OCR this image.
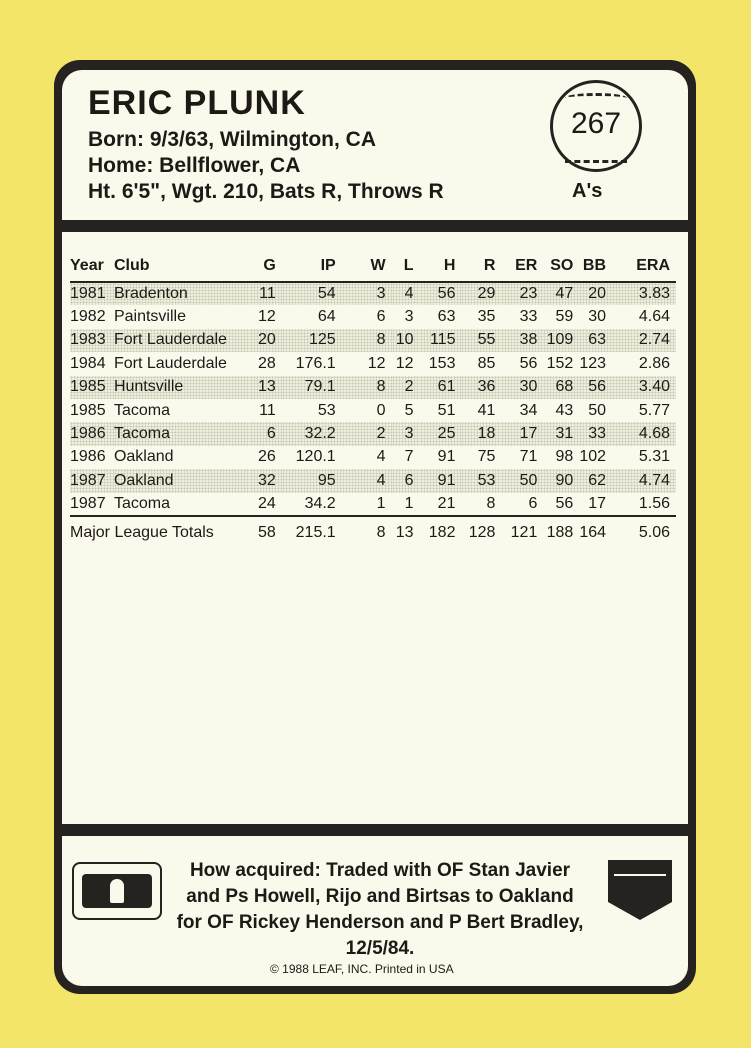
ERIC PLUNK
Born: 9/3/63, Wilmington, CA
Home: Bellflower, CA
Ht. 6ʹ5ʺ, Wgt. 210, Bats R, Throws R
267
A's
Year	Club	G	IP	W	L	H	R	ER	SO	BB	ERA
1981	Bradenton	11	54	3	4	56	29	23	47	20	3.83
1982	Paintsville	12	64	6	3	63	35	33	59	30	4.64
1983	Fort Lauderdale	20	125	8	10	115	55	38	109	63	2.74
1984	Fort Lauderdale	28	176.1	12	12	153	85	56	152	123	2.86
1985	Huntsville	13	79.1	8	2	61	36	30	68	56	3.40
1985	Tacoma	11	53	0	5	51	41	34	43	50	5.77
1986	Tacoma	6	32.2	2	3	25	18	17	31	33	4.68
1986	Oakland	26	120.1	4	7	91	75	71	98	102	5.31
1987	Oakland	32	95	4	6	91	53	50	90	62	4.74
1987	Tacoma	24	34.2	1	1	21	8	6	56	17	1.56
Major League Totals		58	215.1	8	13	182	128	121	188	164	5.06
How acquired: Traded with OF Stan Javier
and Ps Howell, Rijo and Birtsas to Oakland
for OF Rickey Henderson and P Bert Bradley,
12/5/84.
© 1988 LEAF, INC. Printed in USA
